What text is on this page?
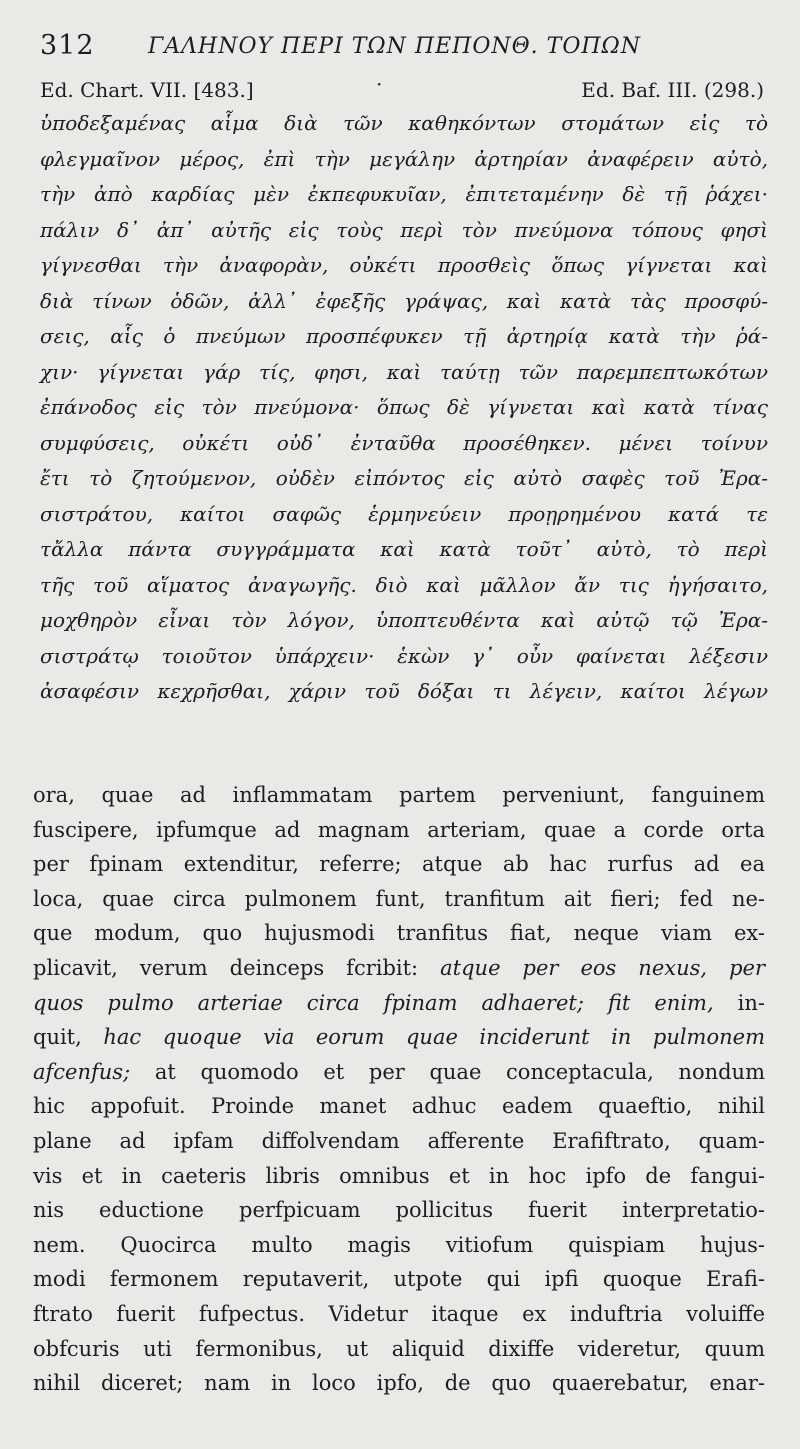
312 ΓΑΛΗΝΟΥ ΠΕΡΙ ΤΩΝ ΠΕΠΟΝΘ. ΤΟΠΩΝ
Ed. Chart. VII. [483.]	·	Ed. Baf. III. (298.)
ὑποδεξαμένας αἷμα διὰ τῶν καθηκόντων στομάτων εἰς τὸ
φλεγμαῖνον μέρος, ἐπὶ τὴν μεγάλην ἀρτηρίαν ἀναφέρειν αὐτὸ,
τὴν ἀπὸ καρδίας μὲν ἐκπεφυκυῖαν, ἐπιτεταμένην δὲ τῇ ῥάχει·
πάλιν δ᾽ ἀπ᾽ αὐτῆς εἰς τοὺς περὶ τὸν πνεύμονα τόπους φησὶ
γίγνεσθαι τὴν ἀναφορὰν, οὐκέτι προσθεὶς ὅπως γίγνεται καὶ
διὰ τίνων ὁδῶν, ἀλλ᾽ ἐφεξῆς γράψας, καὶ κατὰ τὰς προσφύ-
σεις, αἷς ὁ πνεύμων προσπέφυκεν τῇ ἀρτηρίᾳ κατὰ τὴν ῥά-
χιν· γίγνεται γάρ τίς, φησι, καὶ ταύτῃ τῶν παρεμπεπτωκότων
ἐπάνοδος εἰς τὸν πνεύμονα· ὅπως δὲ γίγνεται καὶ κατὰ τίνας
συμφύσεις, οὐκέτι οὐδ᾽ ἐνταῦθα προσέθηκεν. μένει τοίνυν
ἔτι τὸ ζητούμενον, οὐδὲν εἰπόντος εἰς αὐτὸ σαφὲς τοῦ Ἐρα-
σιστράτου, καίτοι σαφῶς ἑρμηνεύειν προῃρημένου κατά τε
τἄλλα πάντα συγγράμματα καὶ κατὰ τοῦτ᾽ αὐτὸ, τὸ περὶ
τῆς τοῦ αἵματος ἀναγωγῆς. διὸ καὶ μᾶλλον ἄν τις ἡγήσαιτο,
μοχθηρὸν εἶναι τὸν λόγον, ὑποπτευθέντα καὶ αὐτῷ τῷ Ἐρα-
σιστράτῳ τοιοῦτον ὑπάρχειν· ἑκὼν γ᾽ οὖν φαίνεται λέξεσιν
ἀσαφέσιν κεχρῆσθαι, χάριν τοῦ δόξαι τι λέγειν, καίτοι λέγων

ora, quae ad inflammatam partem perveniunt, fanguinem
fuscipere, ipfumque ad magnam arteriam, quae a corde orta
per fpinam extenditur, referre; atque ab hac rurfus ad ea
loca, quae circa pulmonem funt, tranfitum ait fieri; fed ne-
que modum, quo hujusmodi tranfitus fiat, neque viam ex-
plicavit, verum deinceps fcribit: atque per eos nexus, per
quos pulmo arteriae circa fpinam adhaeret; fit enim, in-
quit, hac quoque via eorum quae inciderunt in pulmonem
afcenfus; at quomodo et per quae conceptacula, nondum
hic appofuit. Proinde manet adhuc eadem quaeftio, nihil
plane ad ipfam diffolvendam afferente Erafiftrato, quam-
vis et in caeteris libris omnibus et in hoc ipfo de fangui-
nis eductione perfpicuam pollicitus fuerit interpretatio-
nem. Quocirca multo magis vitiofum quispiam hujus-
modi fermonem reputaverit, utpote qui ipfi quoque Erafi-
ftrato fuerit fufpectus. Videtur itaque ex induftria voluiffe
obfcuris uti fermonibus, ut aliquid dixiffe videretur, quum
nihil diceret; nam in loco ipfo, de quo quaerebatur, enar-
